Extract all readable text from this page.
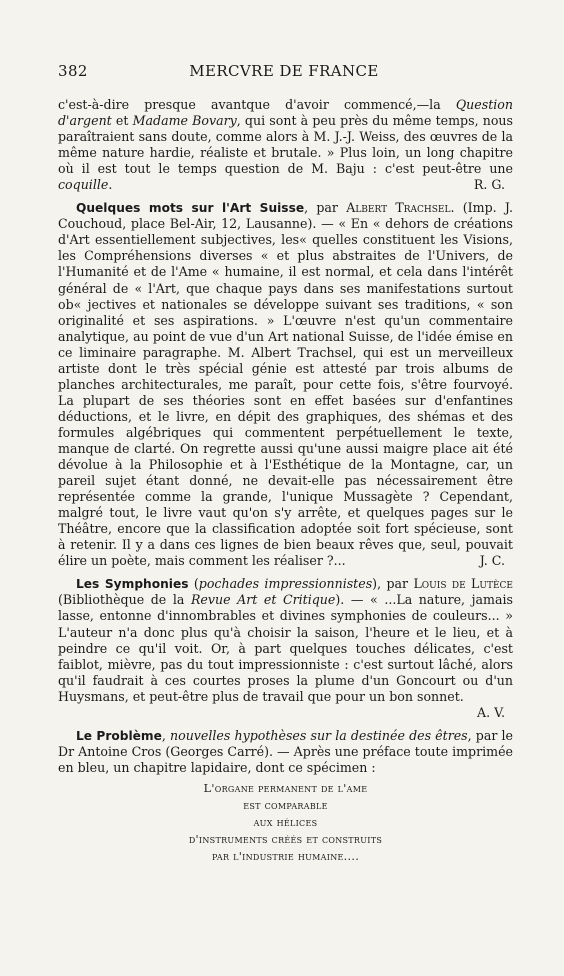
382	MERCVRE DE FRANCE

c'est-à-dire presque avantque d'avoir commencé,—la Question d'argent et Madame Bovary, qui sont à peu près du même temps, nous paraîtraient sans doute, comme alors à M. J.-J. Weiss, des œuvres de la même nature hardie, réaliste et brutale. » Plus loin, un long chapitre où il est tout le temps question de M. Baju : c'est peut-être une coquille.	R. G.

Quelques mots sur l'Art Suisse, par Albert Trachsel. (Imp. J. Couchoud, place Bel-Air, 12, Lausanne). — « En « dehors de créations d'Art essentiellement subjectives, les« quelles constituent les Visions, les Compréhensions diverses « et plus abstraites de l'Univers, de l'Humanité et de l'Ame « humaine, il est normal, et cela dans l'intérêt général de « l'Art, que chaque pays dans ses manifestations surtout ob« jectives et nationales se développe suivant ses traditions, « son originalité et ses aspirations. » L'œuvre n'est qu'un commentaire analytique, au point de vue d'un Art national Suisse, de l'idée émise en ce liminaire paragraphe. M. Albert Trachsel, qui est un merveilleux artiste dont le très spécial génie est attesté par trois albums de planches architecturales, me paraît, pour cette fois, s'être fourvoyé. La plupart de ses théories sont en effet basées sur d'enfantines déductions, et le livre, en dépit des graphiques, des shémas et des formules algébriques qui commentent perpétuellement le texte, manque de clarté. On regrette aussi qu'une aussi maigre place ait été dévolue à la Philosophie et à l'Esthétique de la Montagne, car, un pareil sujet étant donné, ne devait-elle pas nécessairement être représentée comme la grande, l'unique Mussagète ? Cependant, malgré tout, le livre vaut qu'on s'y arrête, et quelques pages sur le Théâtre, encore que la classification adoptée soit fort spécieuse, sont à retenir. Il y a dans ces lignes de bien beaux rêves que, seul, pouvait élire un poète, mais comment les réaliser ?...	J. C.

Les Symphonies (pochades impressionnistes), par Louis de Lutèce (Bibliothèque de la Revue Art et Critique). — « ...La nature, jamais lasse, entonne d'innombrables et divines symphonies de couleurs... » L'auteur n'a donc plus qu'à choisir la saison, l'heure et le lieu, et à peindre ce qu'il voit. Or, à part quelques touches délicates, c'est faiblot, mièvre, pas du tout impressionniste : c'est surtout lâché, alors qu'il faudrait à ces courtes proses la plume d'un Goncourt ou d'un Huysmans, et peut-être plus de travail que pour un bon sonnet.
A. V.

Le Problème, nouvelles hypothèses sur la destinée des êtres, par le Dr Antoine Cros (Georges Carré). — Après une préface toute imprimée en bleu, un chapitre lapidaire, dont ce spécimen :

L'organe permanent de l'ame
est comparable
aux hélices
d'instruments créés et construits
par l'industrie humaine....
